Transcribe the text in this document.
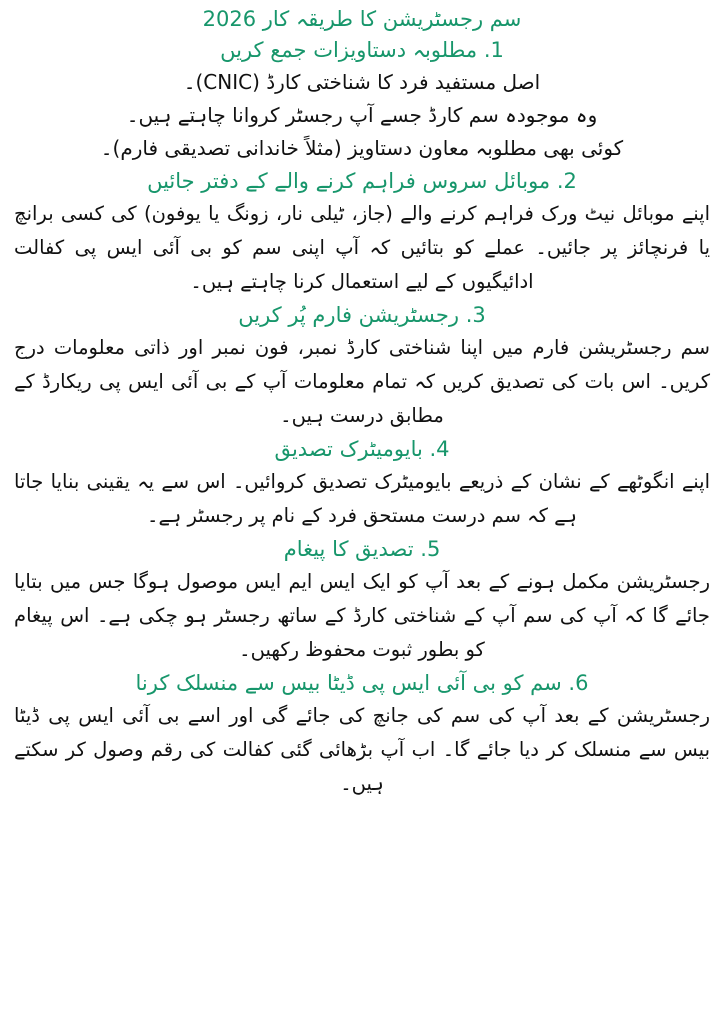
سم رجسٹریشن کا طریقہ کار 2026
1. مطلوبہ دستاویزات جمع کریں

اصل مستفید فرد کا شناختی کارڈ (CNIC)۔

وہ موجودہ سم کارڈ جسے آپ رجسٹر کروانا چاہتے ہیں۔

کوئی بھی مطلوبہ معاون دستاویز (مثلاً خاندانی تصدیقی فارم)۔

2. موبائل سروس فراہم کرنے والے کے دفتر جائیں

اپنے موبائل نیٹ ورک فراہم کرنے والے (جاز، ٹیلی نار، زونگ یا یوفون) کی کسی برانچ یا فرنچائز پر جائیں۔ عملے کو بتائیں کہ آپ اپنی سم کو بی آئی ایس پی کفالت ادائیگیوں کے لیے استعمال کرنا چاہتے ہیں۔

3. رجسٹریشن فارم پُر کریں

سم رجسٹریشن فارم میں اپنا شناختی کارڈ نمبر، فون نمبر اور ذاتی معلومات درج کریں۔ اس بات کی تصدیق کریں کہ تمام معلومات آپ کے بی آئی ایس پی ریکارڈ کے مطابق درست ہیں۔

4. بایومیٹرک تصدیق

اپنے انگوٹھے کے نشان کے ذریعے بایومیٹرک تصدیق کروائیں۔ اس سے یہ یقینی بنایا جاتا ہے کہ سم درست مستحق فرد کے نام پر رجسٹر ہے۔

5. تصدیق کا پیغام

رجسٹریشن مکمل ہونے کے بعد آپ کو ایک ایس ایم ایس موصول ہوگا جس میں بتایا جائے گا کہ آپ کی سم آپ کے شناختی کارڈ کے ساتھ رجسٹر ہو چکی ہے۔ اس پیغام کو بطور ثبوت محفوظ رکھیں۔

6. سم کو بی آئی ایس پی ڈیٹا بیس سے منسلک کرنا

رجسٹریشن کے بعد آپ کی سم کی جانچ کی جائے گی اور اسے بی آئی ایس پی ڈیٹا بیس سے منسلک کر دیا جائے گا۔ اب آپ بڑھائی گئی کفالت کی رقم وصول کر سکتے ہیں۔
